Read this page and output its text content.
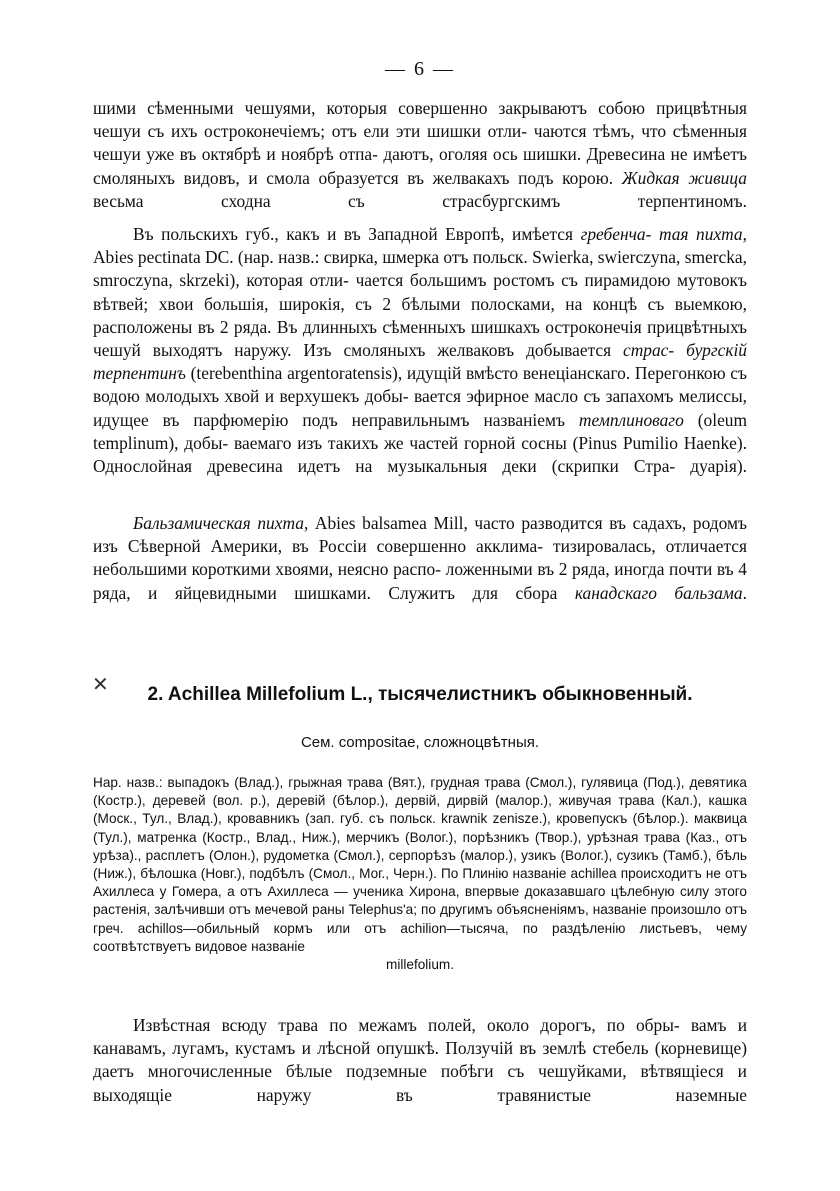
— 6 —

шими сѣменными чешуями, которыя совершенно закрываютъ собою прицвѣтныя чешуи съ ихъ остроконечіемъ; отъ ели эти шишки отли- чаются тѣмъ, что сѣменныя чешуи уже въ октябрѣ и ноябрѣ отпа- даютъ, оголяя ось шишки. Древесина не имѣетъ смоляныхъ видовъ, и смола образуется въ желвакахъ подъ корою. Жидкая живица весьма	сходна съ страсбургскимъ терпентиномъ.

Въ польскихъ губ., какъ и въ Западной Европѣ, имѣется гребенча- тая пихта, Abies pectinata DC. (нар. назв.: свирка, шмерка отъ польск. Swierka, swierczyna, smercka, smroczyna, skrzeki), которая отли- чается большимъ ростомъ съ пирамидою мутовокъ вѣтвей; хвои большія, широкія, съ 2 бѣлыми полосками, на концѣ съ выемкою, расположены въ 2 ряда. Въ длинныхъ сѣменныхъ шишкахъ остроконечія прицвѣтныхъ чешуй выходятъ наружу. Изъ смоляныхъ желваковъ добывается страс- бургскій терпентинъ (terebenthina argentoratensis), идущій вмѣсто венеціанскаго. Перегонкою съ водою молодыхъ хвой и верхушекъ добы- вается эфирное масло съ запахомъ мелиссы, идущее въ парфюмерію подъ неправильнымъ названіемъ темплиноваго (oleum templinum), добы- ваемаго изъ такихъ же частей горной сосны (Pinus Pumilio Haenke). Однослойная древесина идетъ на музыкальныя деки (скрипки Стра- дуарія).

Бальзамическая пихта, Abies balsamea Mill, часто разводится въ садахъ, родомъ изъ Сѣверной Америки, въ Россіи совершенно акклима- тизировалась, отличается небольшими короткими хвоями, неясно распо- ложенными въ 2 ряда, иногда почти въ 4 ряда, и яйцевидными шишками. Служитъ для сбора канадскаго бальзама.

✕	2. Achillea Millefolium L., тысячелистникъ обыкновенный.
Сем. compositae, сложноцвѣтныя.

Нар. назв.: выпадокъ (Влад.), грыжная трава (Вят.), грудная трава (Смол.), гулявица (Под.), девятика (Костр.), деревей (вол. р.), деревій (бѣлор.), дервій, дирвій (малор.), живучая трава (Кал.), кашка (Моск., Тул., Влад.), кровавникъ (зап. губ. съ польск. krawnik zenisze.), кровепускъ (бѣлор.). маквица (Тул.), матренка (Костр., Влад., Ниж.), мерчикъ (Волог.), порѣзникъ (Твор.), урѣзная трава (Каз., отъ урѣза)., расплетъ (Олон.), рудометка (Смол.), серпорѣзъ (малор.), узикъ (Волог.), сузикъ (Тамб.), бѣль (Ниж.), бѣлошка (Новг.), подбѣлъ (Смол., Мог., Черн.). По Плинію названіе achillea происходитъ не отъ Ахиллеса у Гомера, а отъ Ахиллеса — ученика Хирона, впервые доказавшаго цѣлебную силу этого растенія, залѣчивши отъ мечевой раны Telephus'a; по другимъ объясненіямъ, названіе произошло отъ греч. achillos—обильный кормъ или отъ achilion—тысяча, по раздѣленію листьевъ, чему соотвѣтствуетъ видовое названіе
millefolium.

Извѣстная всюду трава по межамъ полей, около дорогъ, по обры- вамъ и канавамъ, лугамъ, кустамъ и лѣсной опушкѣ. Ползучій въ землѣ стебель (корневище) даетъ многочисленные бѣлые подземные побѣги съ чешуйками, вѣтвящіеся и выходящіе наружу въ травянистые наземные
